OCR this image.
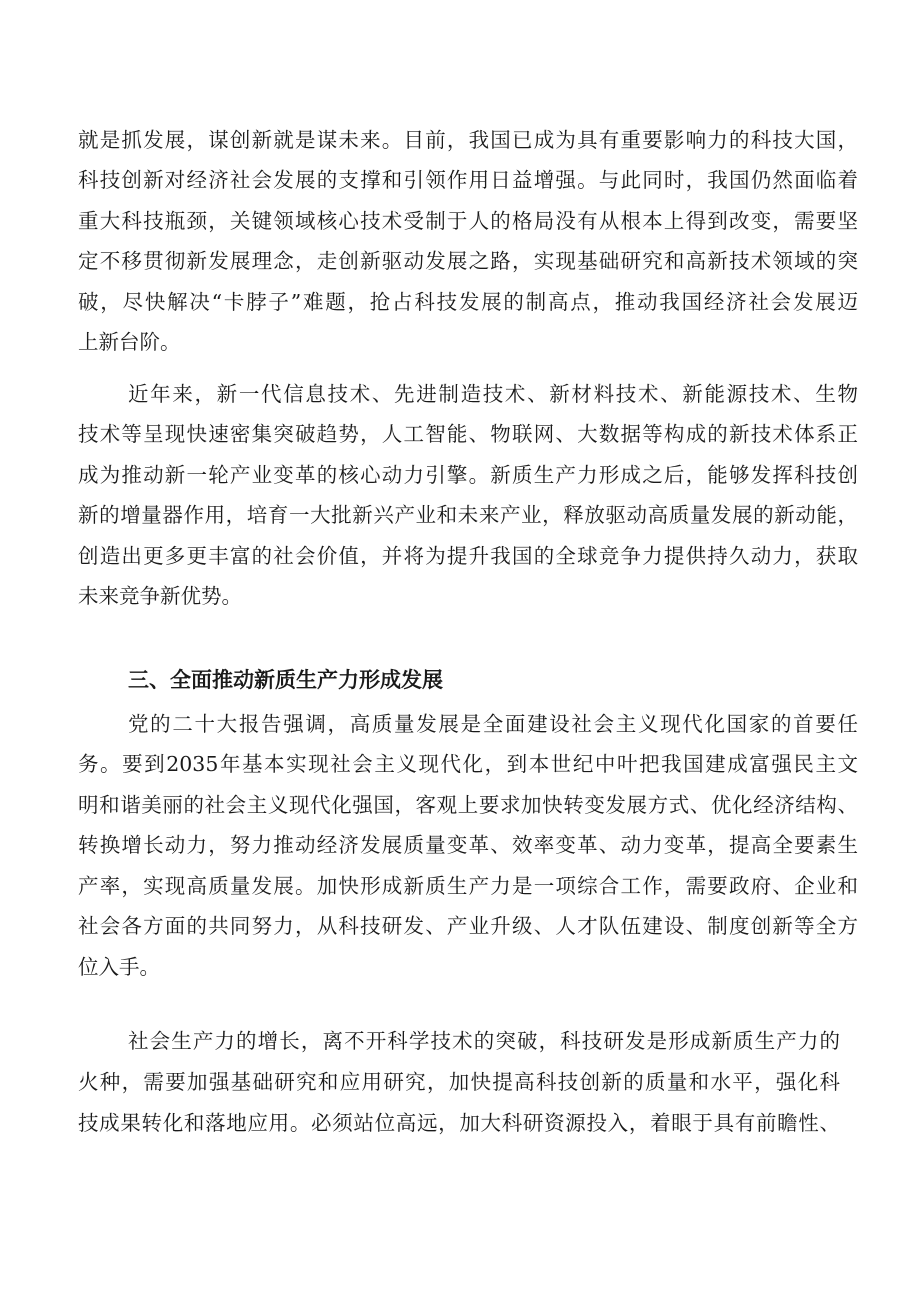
就是抓发展，谋创新就是谋未来。目前，我国已成为具有重要影响力的科技大国，
科技创新对经济社会发展的支撑和引领作用日益增强。与此同时，我国仍然面临着
重大科技瓶颈，关键领域核心技术受制于人的格局没有从根本上得到改变，需要坚
定不移贯彻新发展理念，走创新驱动发展之路，实现基础研究和高新技术领域的突
破，尽快解决“卡脖子”难题，抢占科技发展的制高点，推动我国经济社会发展迈
上新台阶。
近年来，新一代信息技术、先进制造技术、新材料技术、新能源技术、生物
技术等呈现快速密集突破趋势，人工智能、物联网、大数据等构成的新技术体系正
成为推动新一轮产业变革的核心动力引擎。新质生产力形成之后，能够发挥科技创
新的增量器作用，培育一大批新兴产业和未来产业，释放驱动高质量发展的新动能，
创造出更多更丰富的社会价值，并将为提升我国的全球竞争力提供持久动力，获取
未来竞争新优势。
三、全面推动新质生产力形成发展
党的二十大报告强调，高质量发展是全面建设社会主义现代化国家的首要任
务。要到2035年基本实现社会主义现代化，到本世纪中叶把我国建成富强民主文
明和谐美丽的社会主义现代化强国，客观上要求加快转变发展方式、优化经济结构、
转换增长动力，努力推动经济发展质量变革、效率变革、动力变革，提高全要素生
产率，实现高质量发展。加快形成新质生产力是一项综合工作，需要政府、企业和
社会各方面的共同努力，从科技研发、产业升级、人才队伍建设、制度创新等全方
位入手。
社会生产力的增长，离不开科学技术的突破，科技研发是形成新质生产力的
火种，需要加强基础研究和应用研究，加快提高科技创新的质量和水平，强化科
技成果转化和落地应用。必须站位高远，加大科研资源投入，着眼于具有前瞻性、
